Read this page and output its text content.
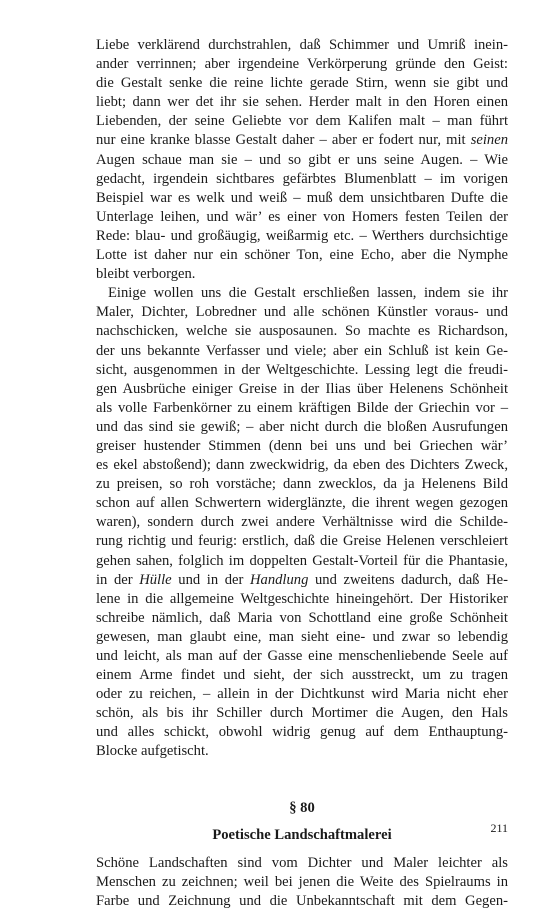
Liebe verklärend durchstrahlen, daß Schimmer und Umriß inein-
ander verrinnen; aber irgendeine Verkörperung gründe den Geist:
die Gestalt senke die reine lichte gerade Stirn, wenn sie gibt und
liebt; dann wer det ihr sie sehen. Herder malt in den Horen einen
Liebenden, der seine Geliebte vor dem Kalifen malt – man führt
nur eine kranke blasse Gestalt daher – aber er fodert nur, mit seinen
Augen schaue man sie – und so gibt er uns seine Augen. – Wie
gedacht, irgendein sichtbares gefärbtes Blumenblatt – im vorigen
Beispiel war es welk und weiß – muß dem unsichtbaren Dufte die
Unterlage leihen, und wär’ es einer von Homers festen Teilen der
Rede: blau- und großäugig, weißarmig etc. – Werthers durchsichtige
Lotte ist daher nur ein schöner Ton, eine Echo, aber die Nymphe
bleibt verborgen.

Einige wollen uns die Gestalt erschließen lassen, indem sie ihr
Maler, Dichter, Lobredner und alle schönen Künstler voraus- und
nachschicken, welche sie ausposaunen. So machte es Richardson,
der uns bekannte Verfasser und viele; aber ein Schluß ist kein Ge-
sicht, ausgenommen in der Weltgeschichte. Lessing legt die freudi-
gen Ausbrüche einiger Greise in der Ilias über Helenens Schönheit
als volle Farbenkörner zu einem kräftigen Bilde der Griechin vor –
und das sind sie gewiß; – aber nicht durch die bloßen Ausrufungen
greiser hustender Stimmen (denn bei uns und bei Griechen wär’
es ekel abstoßend); dann zweckwidrig, da eben des Dichters Zweck,
zu preisen, so roh vorstäche; dann zwecklos, da ja Helenens Bild
schon auf allen Schwertern widerglänzte, die ihrent wegen gezogen
waren), sondern durch zwei andere Verhältnisse wird die Schilde-
rung richtig und feurig: erstlich, daß die Greise Helenen verschleiert
gehen sahen, folglich im doppelten Gestalt-Vorteil für die Phantasie,
in der Hülle und in der Handlung und zweitens dadurch, daß He-
lene in die allgemeine Weltgeschichte hineingehört. Der Historiker
schreibe nämlich, daß Maria von Schottland eine große Schönheit
gewesen, man glaubt eine, man sieht eine- und zwar so lebendig
und leicht, als man auf der Gasse eine menschenliebende Seele auf
einem Arme findet und sieht, der sich ausstreckt, um zu tragen
oder zu reichen, – allein in der Dichtkunst wird Maria nicht eher
schön, als bis ihr Schiller durch Mortimer die Augen, den Hals
und alles schickt, obwohl widrig genug auf dem Enthauptung-
Blocke aufgetischt.

§ 80
Poetische Landschaftmalerei

Schöne Landschaften sind vom Dichter und Maler leichter als
Menschen zu zeichnen; weil bei jenen die Weite des Spielraums in
Farbe und Zeichnung und die Unbekanntschaft mit dem Gegen-

211
